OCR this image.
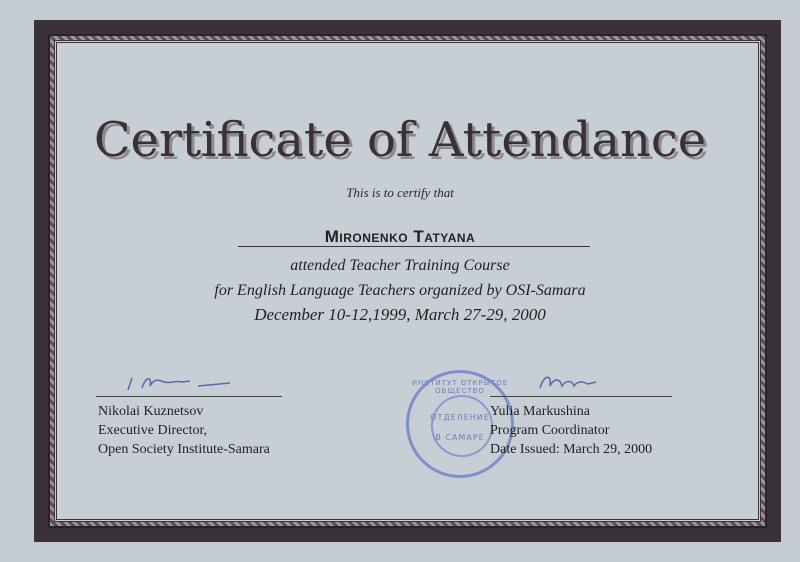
Certificate of Attendance
This is to certify that
Mironenko Tatyana
attended Teacher Training Course
for English Language Teachers organized by OSI-Samara
December 10-12,1999, March 27-29, 2000
Nikolai Kuznetsov
Executive Director,
Open Society Institute-Samara
ИНСТИТУТ ОТКРЫТОЕ ОБЩЕСТВО
ОТДЕЛЕНИЕ
В САМАРЕ
Yulia Markushina
Program Coordinator
Date Issued: March 29, 2000
